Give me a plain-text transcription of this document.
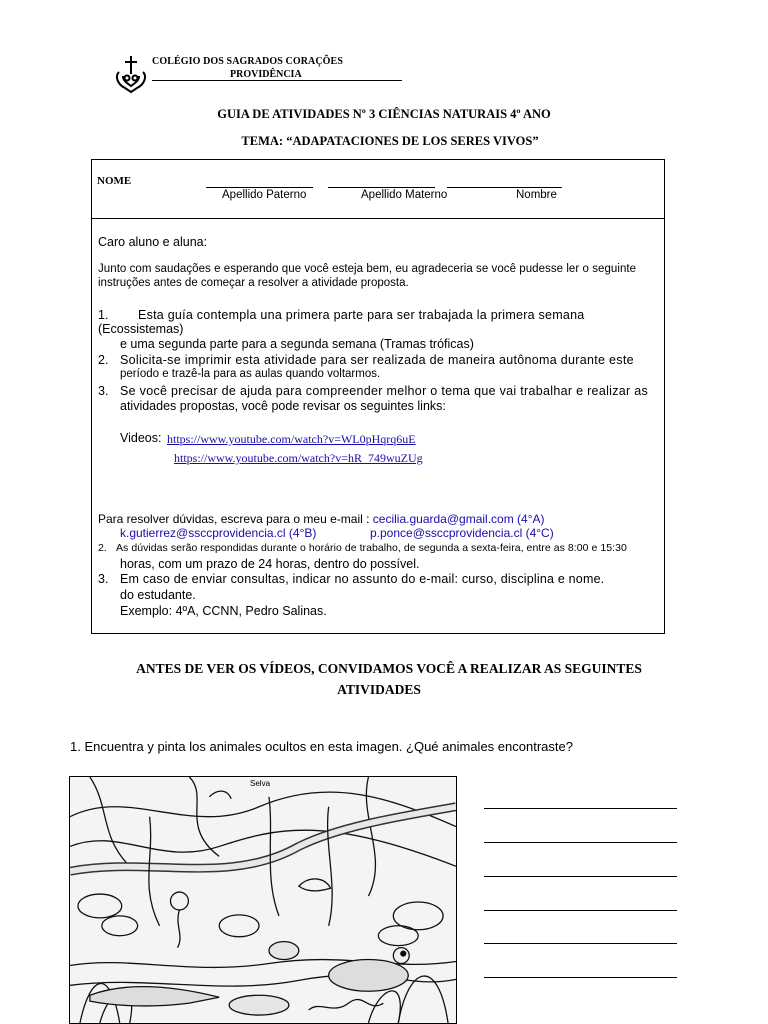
COLÉGIO DOS SAGRADOS CORAÇÕES
PROVIDÊNCIA
GUIA DE ATIVIDADES Nº 3 CIÊNCIAS NATURAIS 4º ANO
TEMA: “ADAPATACIONES DE LOS SERES VIVOS”
NOME
Apellido Paterno	Apellido Materno	Nombre
Caro aluno e aluna:
Junto com saudações e esperando que você esteja bem, eu agradeceria se você pudesse ler o seguinte
instruções antes de começar a resolver a atividade proposta.
1. Esta guía contempla una primera parte para ser trabajada la primera semana
(Ecossistemas)
e uma segunda parte para a segunda semana (Tramas tróficas)
2. Solicita-se imprimir esta atividade para ser realizada de maneira autônoma durante este
período e trazê-la para as aulas quando voltarmos.
3. Se você precisar de ajuda para compreender melhor o tema que vai trabalhar e realizar as
atividades propostas, você pode revisar os seguintes links:
Videos: https://www.youtube.com/watch?v=WL0pHqrq6uE
https://www.youtube.com/watch?v=hR_749wuZUg
Para resolver dúvidas, escreva para o meu e-mail : cecilia.guarda@gmail.com (4°A)
k.gutierrez@ssccprovidencia.cl (4°B)	p.ponce@ssccprovidencia.cl (4°C)
2. As dúvidas serão respondidas durante o horário de trabalho, de segunda a sexta-feira, entre as 8:00 e 15:30
horas, com um prazo de 24 horas, dentro do possível.
3. Em caso de enviar consultas, indicar no assunto do e-mail: curso, disciplina e nome.
do estudante.
Exemplo: 4ºA, CCNN, Pedro Salinas.
ANTES DE VER OS VÍDEOS, CONVIDAMOS VOCÊ A REALIZAR AS SEGUINTES
ATIVIDADES
1. Encuentra y pinta los animales ocultos en esta imagen. ¿Qué animales encontraste?
Selva
